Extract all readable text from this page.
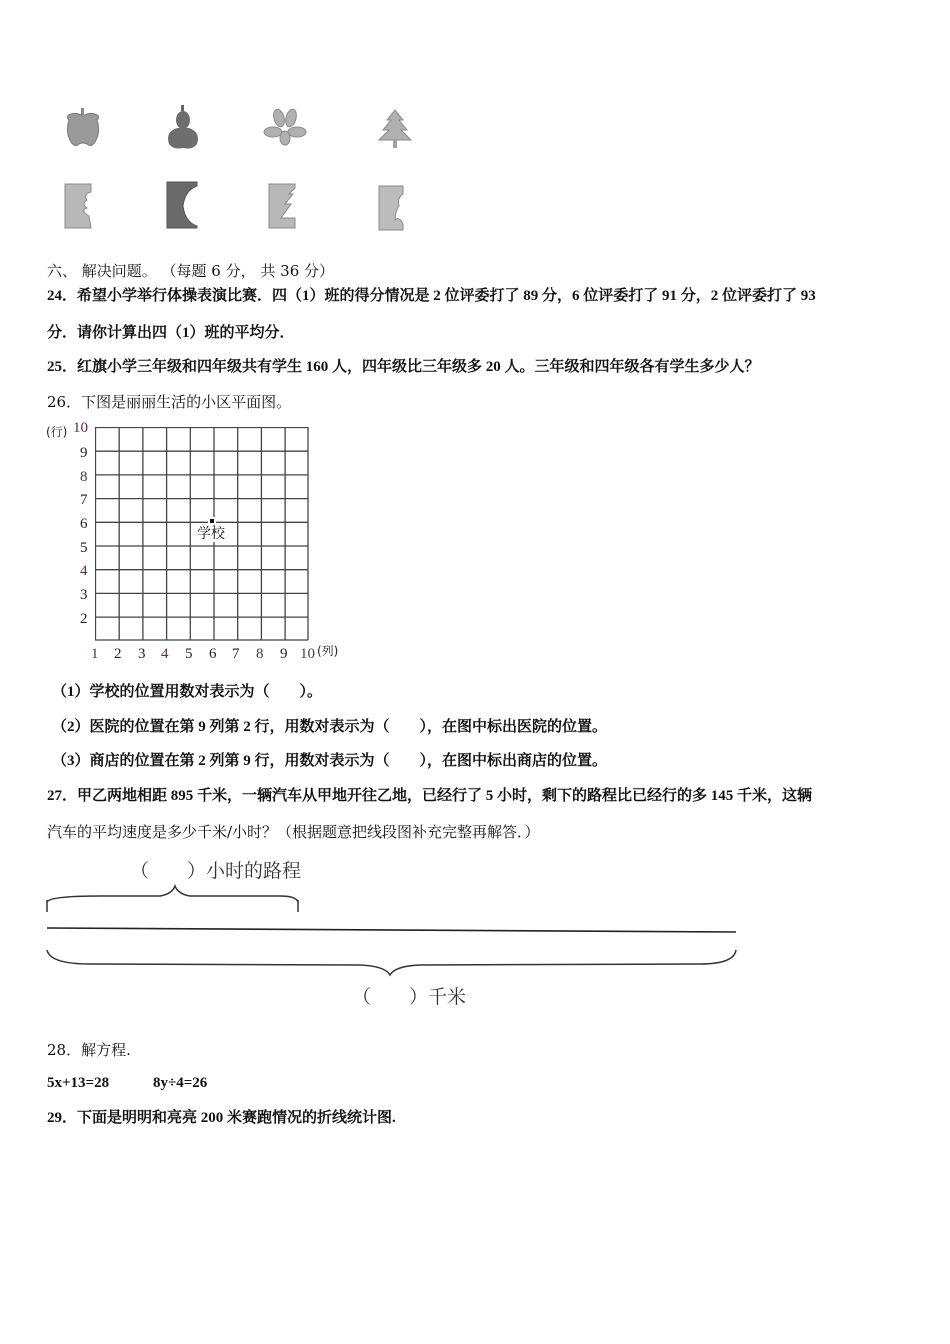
六、 解决问题。 （每题 6 分， 共 36 分）
24．希望小学举行体操表演比赛．四（1）班的得分情况是 2 位评委打了 89 分，6 位评委打了 91 分，2 位评委打了 93
分．请你计算出四（1）班的平均分．
25．红旗小学三年级和四年级共有学生 160 人，四年级比三年级多 20 人。三年级和四年级各有学生多少人？
26．下图是丽丽生活的小区平面图。
(行) 10
9
8
7
6
5
4
3
2
1 2 3 4 5 6 7 8 9 10 (列)
学校
（1）学校的位置用数对表示为（　　）。
（2）医院的位置在第 9 列第 2 行，用数对表示为（　　），在图中标出医院的位置。
（3）商店的位置在第 2 列第 9 行，用数对表示为（　　），在图中标出商店的位置。
27．甲乙两地相距 895 千米，一辆汽车从甲地开往乙地，已经行了 5 小时，剩下的路程比已经行的多 145 千米，这辆
汽车的平均速度是多少千米/小时？（根据题意把线段图补充完整再解答．）
（　　）小时的路程
（　　）千米
28．解方程.
5x+13=28	8y÷4=26
29．下面是明明和亮亮 200 米赛跑情况的折线统计图.
